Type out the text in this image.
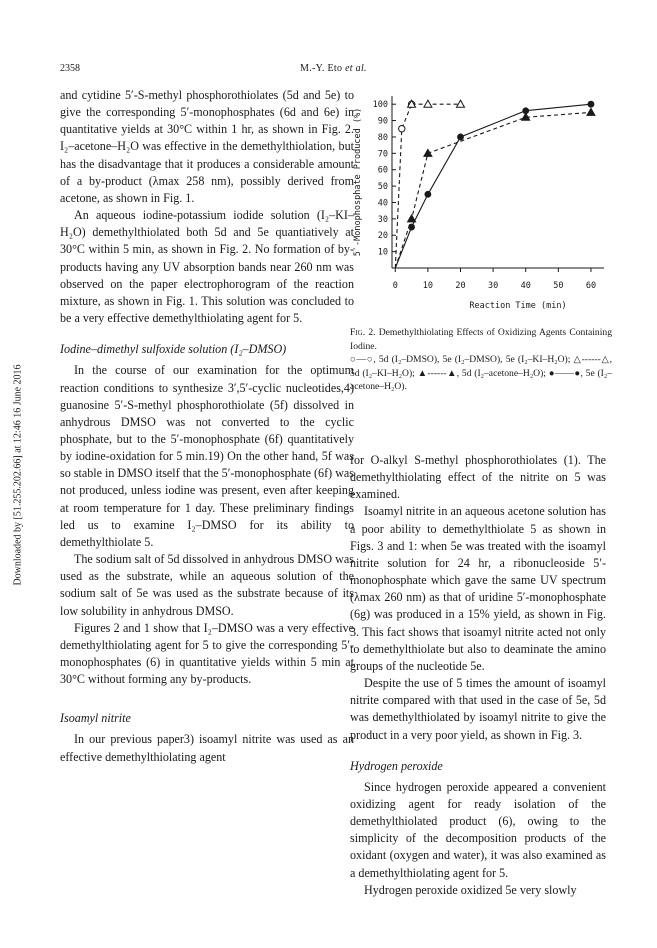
2358	M.-Y. Eto et al.
Downloaded by [51.255.202.66] at 12:46 16 June 2016

and cytidine 5′-S-methyl phosphorothiolates (5d and 5e) to give the corresponding 5′-monophosphates (6d and 6e) in quantitative yields at 30°C within 1 hr, as shown in Fig. 2. I₂–acetone–H₂O was effective in the demethylthiolation, but has the disadvantage that it produces a considerable amount of a by-product (λmax 258 nm), possibly derived from acetone, as shown in Fig. 1.

An aqueous iodine-potassium iodide solution (I₂–KI–H₂O) demethylthiolated both 5d and 5e quantiatively at 30°C within 5 min, as shown in Fig. 2. No formation of by-products having any UV absorption bands near 260 nm was observed on the paper electrophorogram of the reaction mixture, as shown in Fig. 1. This solution was concluded to be a very effective demethylthiolating agent for 5.

Iodine–dimethyl sulfoxide solution (I₂–DMSO)

In the course of our examination for the optimum reaction conditions to synthesize 3′,5′-cyclic nucleotides,4) guanosine 5′-S-methyl phosphorothiolate (5f) dissolved in anhydrous DMSO was not converted to the cyclic phosphate, but to the 5′-monophosphate (6f) quantitatively by iodine-oxidation for 5 min.19) On the other hand, 5f was so stable in DMSO itself that the 5′-monophosphate (6f) was not produced, unless iodine was present, even after keeping at room temperature for 1 day. These preliminary findings led us to examine I₂–DMSO for its ability to demethylthiolate 5.

The sodium salt of 5d dissolved in anhydrous DMSO was used as the substrate, while an aqueous solution of the sodium salt of 5e was used as the substrate because of its low solubility in anhydrous DMSO.

Figures 2 and 1 show that I₂–DMSO was a very effective demethylthiolating agent for 5 to give the corresponding 5′-monophosphates (6) in quantitative yields within 5 min at 30°C without forming any by-products.

Isoamyl nitrite

In our previous paper3) isoamyl nitrite was used as an effective demethylthiolating agent

0	10	20	30	40	50	60
10
20
30
40
50
60
70
80
90
100
Reaction Time (min)
5′-Monophosphate Produced (%)
Fig. 2. Demethylthiolating Effects of Oxidizing Agents Containing Iodine.
○—○, 5d (I₂–DMSO), 5e (I₂–DMSO), 5e (I₂–KI–H₂O); △------△, 5d (I₂–KI–H₂O); ▲------▲, 5d (I₂–acetone–H₂O); ●——●, 5e (I₂–acetone–H₂O).

for O-alkyl S-methyl phosphorothiolates (1). The demethylthiolating effect of the nitrite on 5 was examined.

Isoamyl nitrite in an aqueous acetone solution has a poor ability to demethylthiolate 5 as shown in Figs. 3 and 1: when 5e was treated with the isoamyl nitrite solution for 24 hr, a ribonucleoside 5′-monophosphate which gave the same UV spectrum (λmax 260 nm) as that of uridine 5′-monophosphate (6g) was produced in a 15% yield, as shown in Fig. 3. This fact shows that isoamyl nitrite acted not only to demethylthiolate but also to deaminate the amino groups of the nucleotide 5e.

Despite the use of 5 times the amount of isoamyl nitrite compared with that used in the case of 5e, 5d was demethylthiolated by isoamyl nitrite to give the product in a very poor yield, as shown in Fig. 3.

Hydrogen peroxide

Since hydrogen peroxide appeared a convenient oxidizing agent for ready isolation of the demethylthiolated product (6), owing to the simplicity of the decomposition products of the oxidant (oxygen and water), it was also examined as a demethylthiolating agent for 5.

Hydrogen peroxide oxidized 5e very slowly
